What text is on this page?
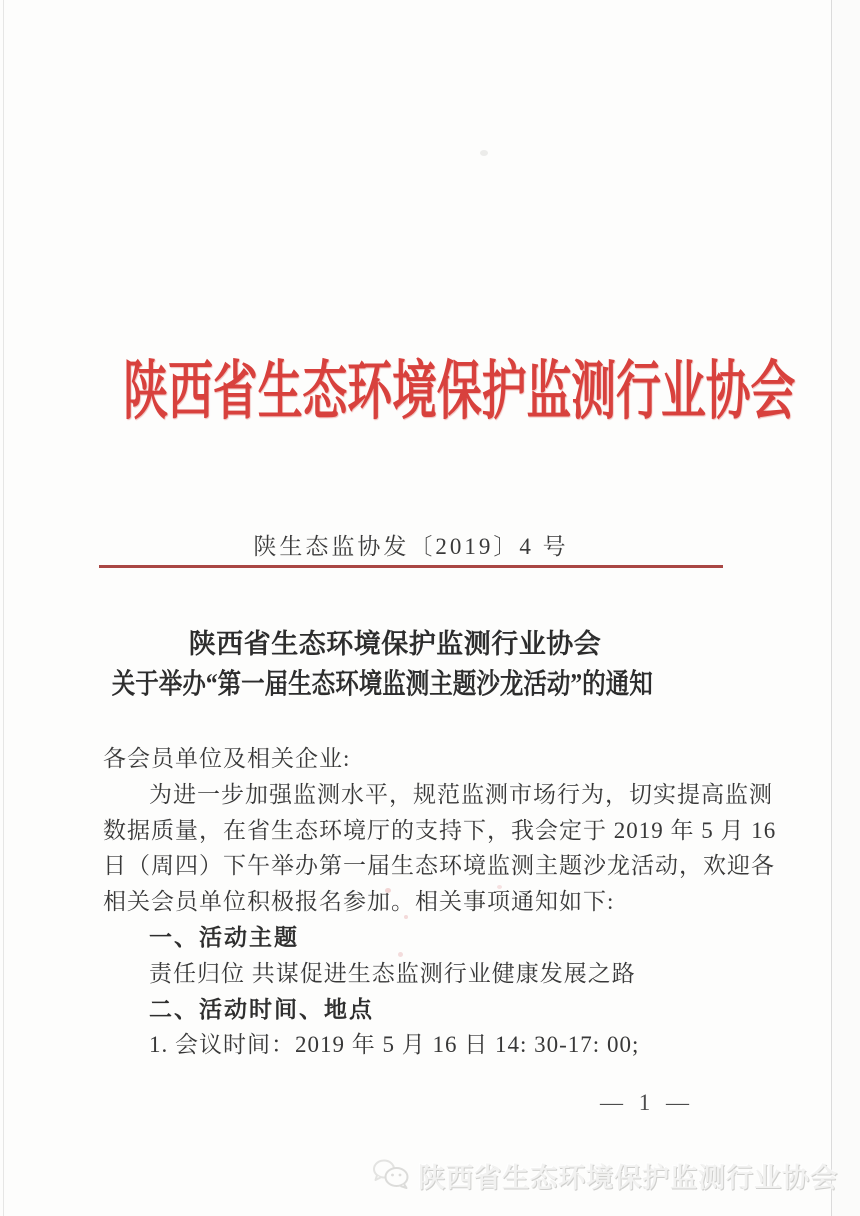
陕西省生态环境保护监测行业协会
陕生态监协发〔2019〕4 号
陕西省生态环境保护监测行业协会
关于举办“第一届生态环境监测主题沙龙活动”的通知
各会员单位及相关企业:
为进一步加强监测水平，规范监测市场行为，切实提高监测
数据质量，在省生态环境厅的支持下，我会定于 2019 年 5 月 16
日（周四）下午举办第一届生态环境监测主题沙龙活动，欢迎各
相关会员单位积极报名参加。相关事项通知如下:
一、活动主题
责任归位 共谋促进生态监测行业健康发展之路
二、活动时间、地点
1. 会议时间：2019 年 5 月 16 日 14: 30-17: 00;
— 1 —
陕西省生态环境保护监测行业协会
